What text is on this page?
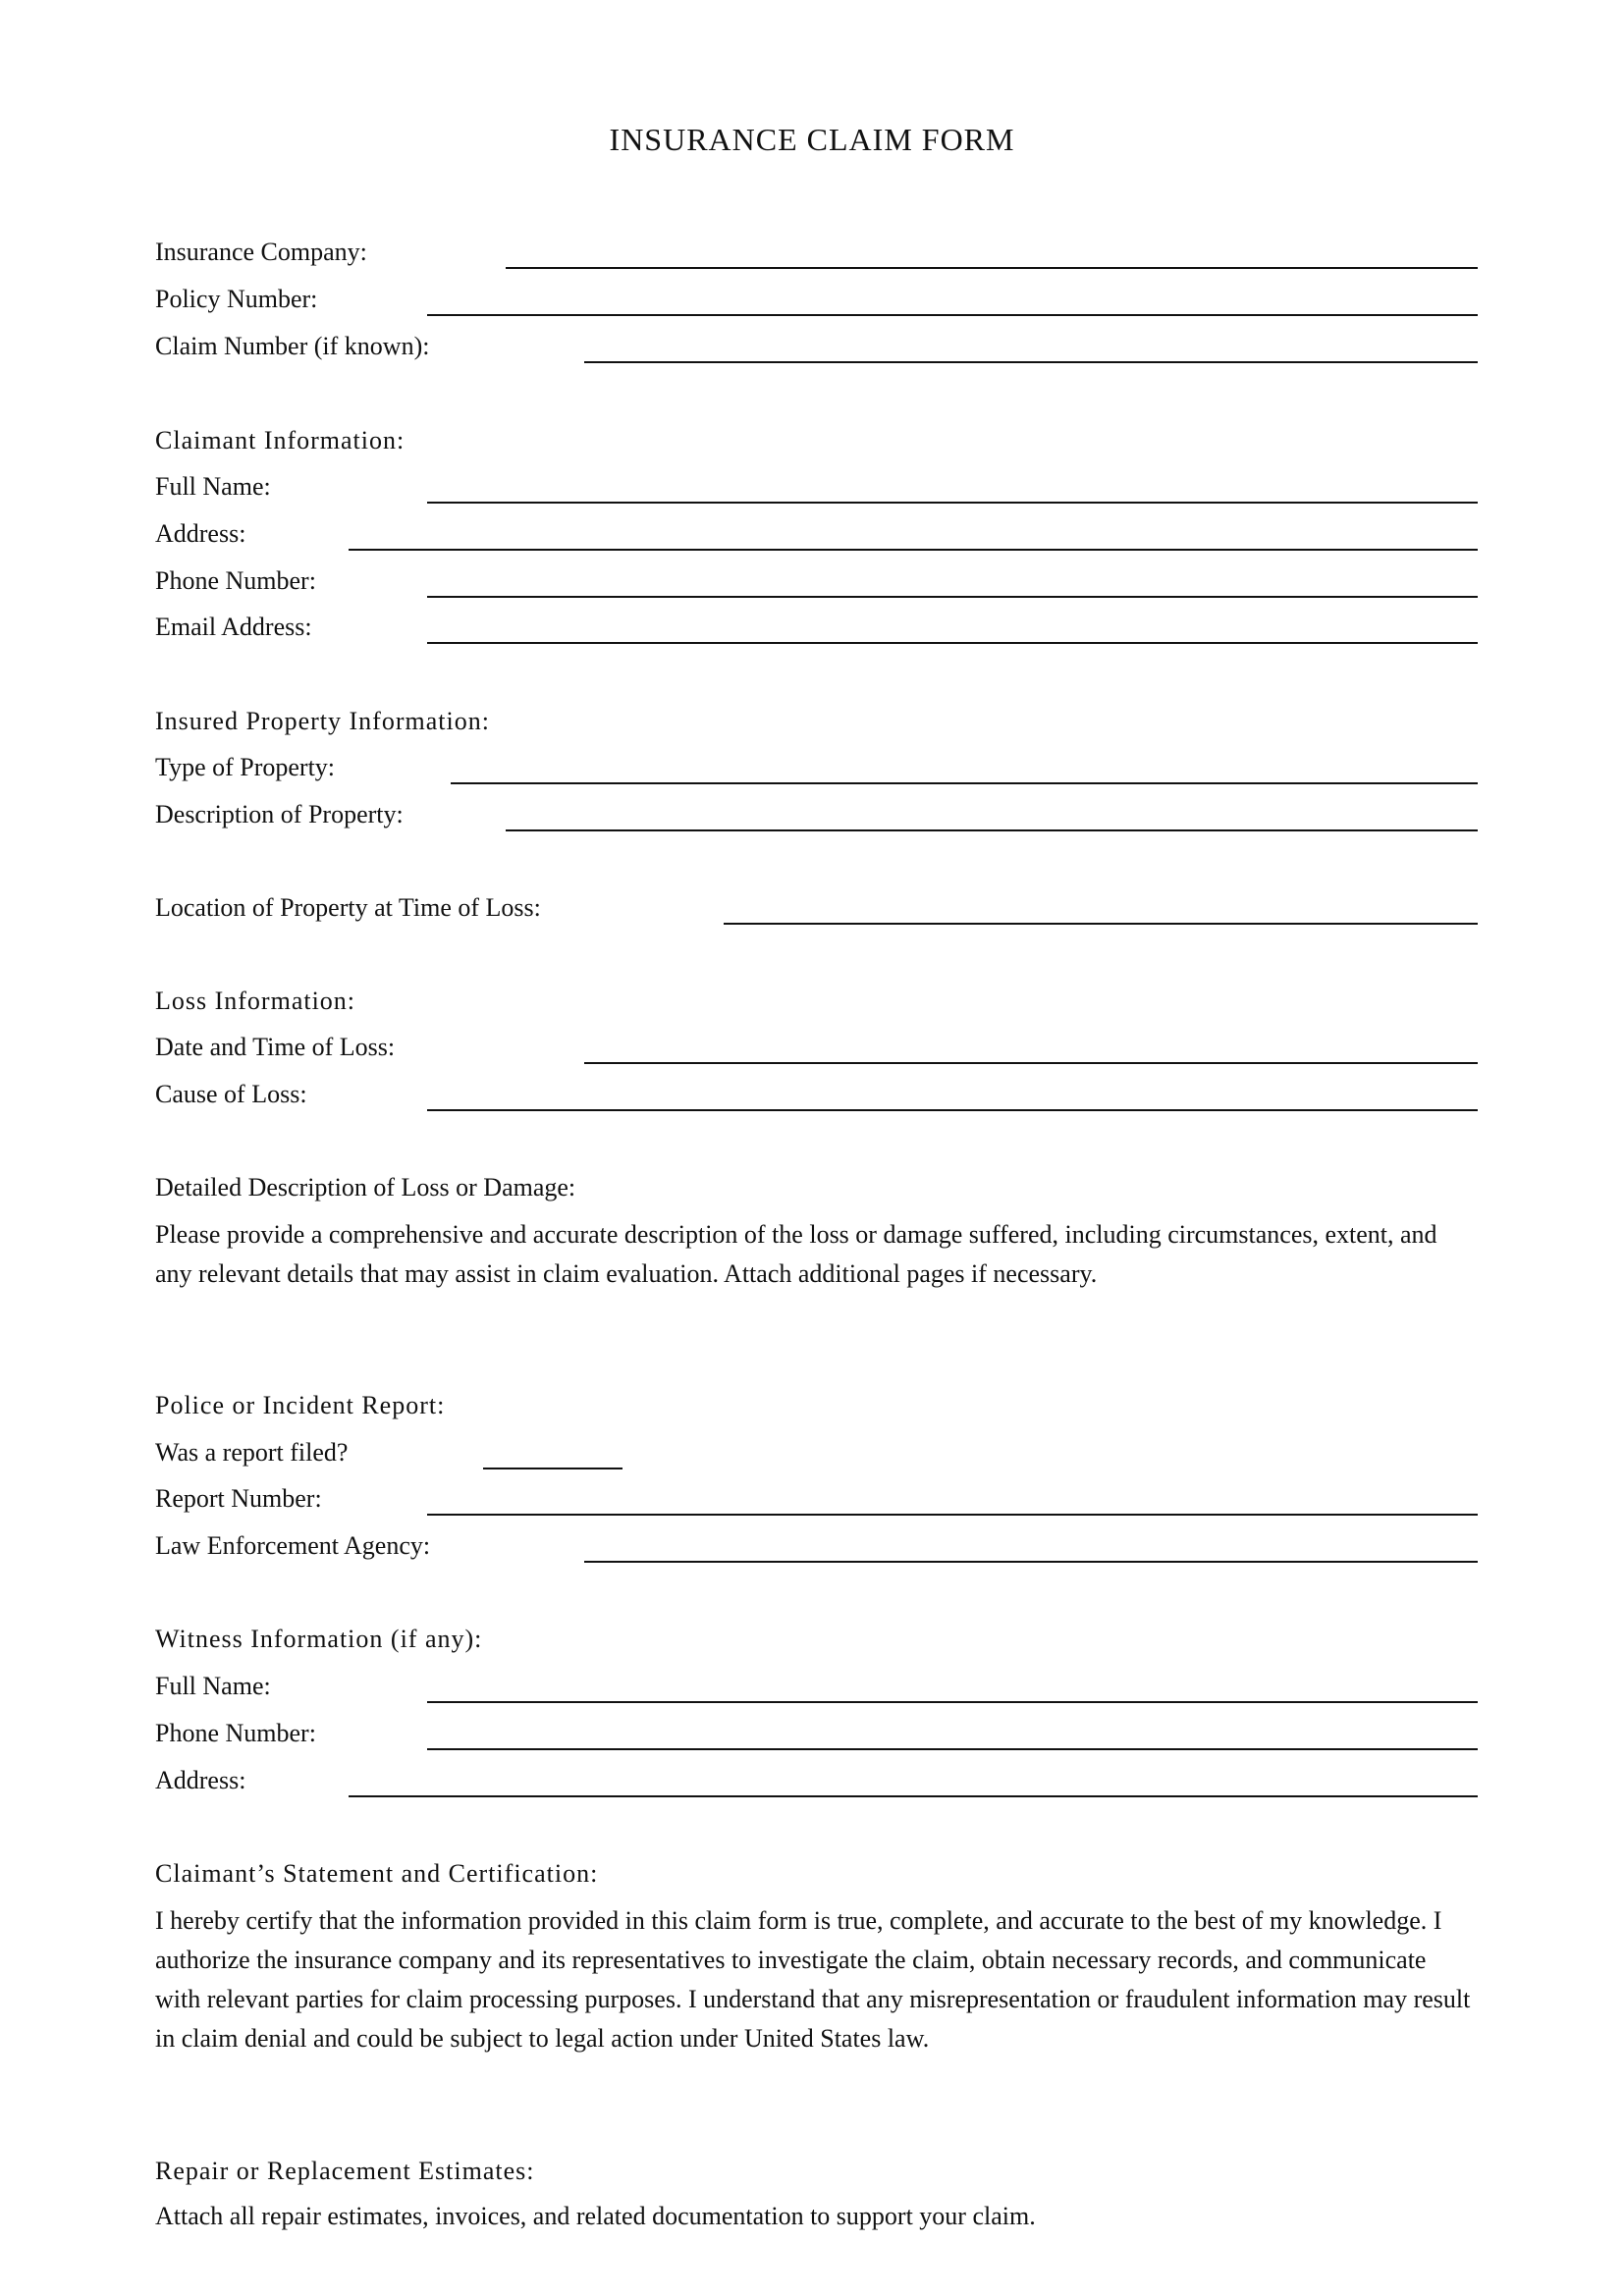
INSURANCE CLAIM FORM
Insurance Company:
Policy Number:
Claim Number (if known):
Claimant Information:
Full Name:
Address:
Phone Number:
Email Address:
Insured Property Information:
Type of Property:
Description of Property:
Location of Property at Time of Loss:
Loss Information:
Date and Time of Loss:
Cause of Loss:
Detailed Description of Loss or Damage:
Please provide a comprehensive and accurate description of the loss or damage suffered, including circumstances, extent, and any relevant details that may assist in claim evaluation. Attach additional pages if necessary.
Police or Incident Report:
Was a report filed?
Report Number:
Law Enforcement Agency:
Witness Information (if any):
Full Name:
Phone Number:
Address:
Claimant’s Statement and Certification:
I hereby certify that the information provided in this claim form is true, complete, and accurate to the best of my knowledge. I authorize the insurance company and its representatives to investigate the claim, obtain necessary records, and communicate with relevant parties for claim processing purposes. I understand that any misrepresentation or fraudulent information may result in claim denial and could be subject to legal action under United States law.
Repair or Replacement Estimates:
Attach all repair estimates, invoices, and related documentation to support your claim.
